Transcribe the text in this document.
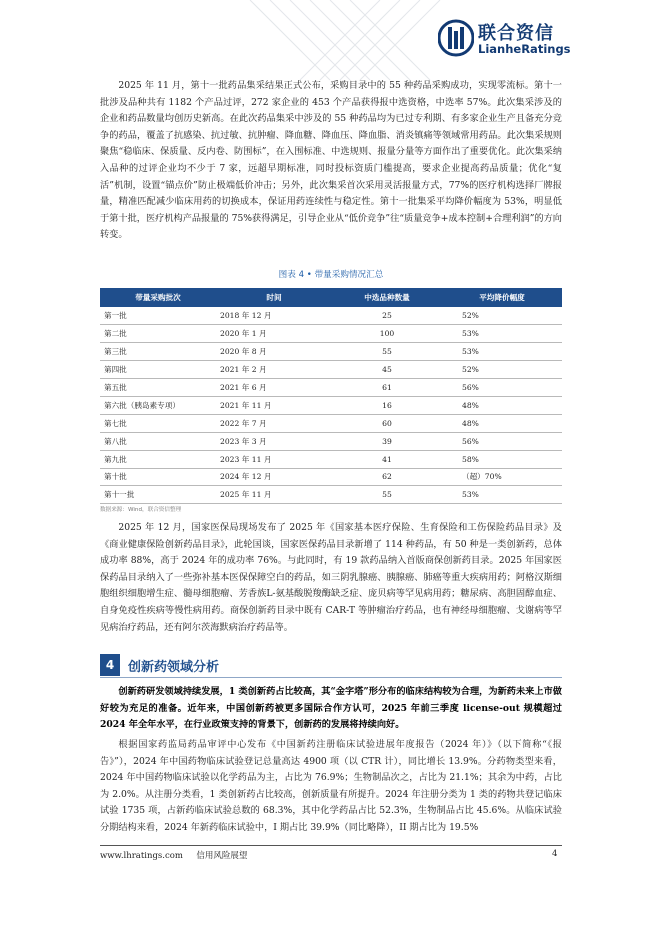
联合资信
LianheRatings

2025 年 11 月，第十一批药品集采结果正式公布，采购目录中的 55 种药品采购成功，实现零流标。第十一批涉及品种共有 1182 个产品过评，272 家企业的 453 个产品获得报中选资格，中选率 57%。此次集采涉及的企业和药品数量均创历史新高。在此次药品集采中涉及的 55 种药品均为已过专利期、有多家企业生产且备充分竞争的药品，覆盖了抗感染、抗过敏、抗肿瘤、降血糖、降血压、降血脂、消炎镇痛等领域常用药品。此次集采规则聚焦“稳临床、保质量、反内卷、防围标”，在入围标准、中选规则、报量分量等方面作出了重要优化。此次集采纳入品种的过评企业均不少于 7 家，远超早期标准，同时投标资质门槛提高，要求企业提高药品质量；优化“复活”机制，设置“锚点价”防止极端低价冲击；另外，此次集采首次采用灵活报量方式，77%的医疗机构选择厂牌报量，精准匹配减少临床用药的切换成本，保证用药连续性与稳定性。第十一批集采平均降价幅度为 53%，明显低于第十批，医疗机构产品报量的 75%获得满足，引导企业从“低价竞争”往“质量竞争+成本控制+合理利润”的方向转变。

图表 4 • 带量采购情况汇总
带量采购批次	时间	中选品种数量	平均降价幅度
第一批	2018 年 12 月	25	52%
第二批	2020 年 1 月	100	53%
第三批	2020 年 8 月	55	53%
第四批	2021 年 2 月	45	52%
第五批	2021 年 6 月	61	56%
第六批（胰岛素专项）	2021 年 11 月	16	48%
第七批	2022 年 7 月	60	48%
第八批	2023 年 3 月	39	56%
第九批	2023 年 11 月	41	58%
第十批	2024 年 12 月	62	（超）70%
第十一批	2025 年 11 月	55	53%
数据来源：Wind，联合资信整理

2025 年 12 月，国家医保局现场发布了 2025 年《国家基本医疗保险、生育保险和工伤保险药品目录》及《商业健康保险创新药品目录》，此轮国谈，国家医保药品目录新增了 114 种药品，有 50 种是一类创新药，总体成功率 88%，高于 2024 年的成功率 76%。与此同时，有 19 款药品纳入首版商保创新药目录。2025 年国家医保药品目录纳入了一些弥补基本医保保障空白的药品，如三阴乳腺癌、胰腺癌、肺癌等重大疾病用药；阿格汉斯细胞组织细胞增生症、髓母细胞瘤、芳香族L-氨基酸脱羧酶缺乏症、庞贝病等罕见病用药；糖尿病、高胆固醇血症、自身免疫性疾病等慢性病用药。商保创新药目录中既有 CAR-T 等肿瘤治疗药品，也有神经母细胞瘤、戈谢病等罕见病治疗药品，还有阿尔茨海默病治疗药品等。

4	创新药领域分析

创新药研发领域持续发展，1 类创新药占比较高，其“金字塔”形分布的临床结构较为合理，为新药未来上市做好较为充足的准备。近年来，中国创新药被更多国际合作方认可，2025 年前三季度 license-out 规模超过 2024 年全年水平，在行业政策支持的背景下，创新药的发展将持续向好。

根据国家药监局药品审评中心发布《中国新药注册临床试验进展年度报告（2024 年）》（以下简称“《报告》”），2024 年中国药物临床试验登记总量高达 4900 项（以 CTR 计），同比增长 13.9%。分药物类型来看，2024 年中国药物临床试验以化学药品为主，占比为 76.9%；生物制品次之，占比为 21.1%；其余为中药，占比为 2.0%。从注册分类看，1 类创新药占比较高，创新质量有所提升。2024 年注册分类为 1 类的药物共登记临床试验 1735 项，占新药临床试验总数的 68.3%，其中化学药品占比 52.3%，生物制品占比 45.6%。从临床试验分期结构来看，2024 年新药临床试验中，I 期占比 39.9%（同比略降），II 期占比为 19.5%

www.lhratings.com 信用风险展望	4
